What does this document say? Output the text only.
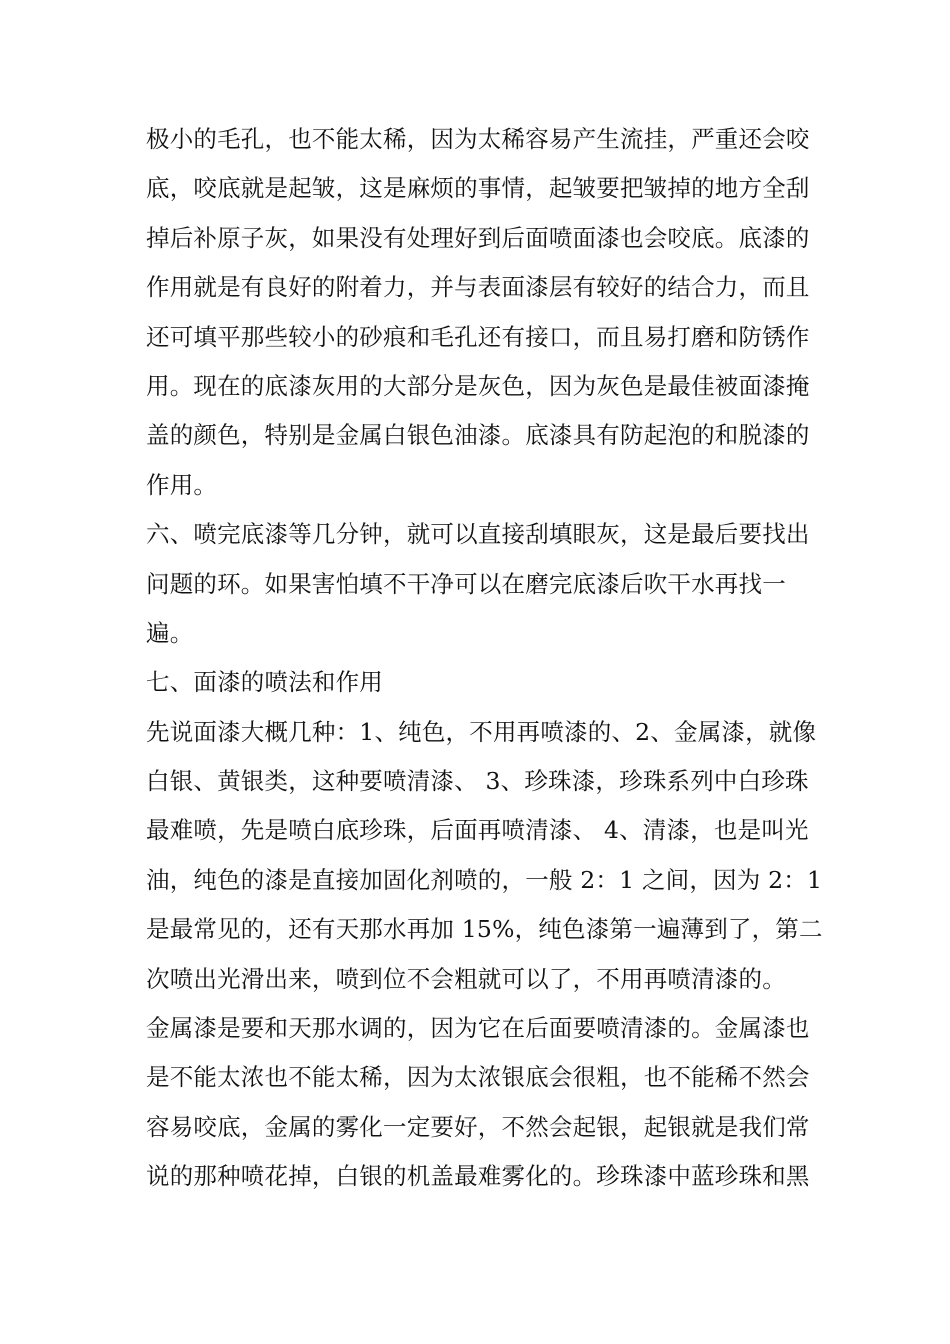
极小的毛孔，也不能太稀，因为太稀容易产生流挂，严重还会咬
底，咬底就是起皱，这是麻烦的事情，起皱要把皱掉的地方全刮
掉后补原子灰，如果没有处理好到后面喷面漆也会咬底。底漆的
作用就是有良好的附着力，并与表面漆层有较好的结合力，而且
还可填平那些较小的砂痕和毛孔还有接口，而且易打磨和防锈作
用。现在的底漆灰用的大部分是灰色，因为灰色是最佳被面漆掩
盖的颜色，特别是金属白银色油漆。底漆具有防起泡的和脱漆的
作用。
六、喷完底漆等几分钟，就可以直接刮填眼灰，这是最后要找出
问题的环。如果害怕填不干净可以在磨完底漆后吹干水再找一
遍。
七、面漆的喷法和作用
先说面漆大概几种：1、纯色，不用再喷漆的、2、金属漆，就像
白银、黄银类，这种要喷清漆、 3、珍珠漆，珍珠系列中白珍珠
最难喷，先是喷白底珍珠，后面再喷清漆、 4、清漆，也是叫光
油，纯色的漆是直接加固化剂喷的，一般 2：1 之间，因为 2：1
是最常见的，还有天那水再加 15%，纯色漆第一遍薄到了，第二
次喷出光滑出来，喷到位不会粗就可以了，不用再喷清漆的。
金属漆是要和天那水调的，因为它在后面要喷清漆的。金属漆也
是不能太浓也不能太稀，因为太浓银底会很粗，也不能稀不然会
容易咬底，金属的雾化一定要好，不然会起银，起银就是我们常
说的那种喷花掉，白银的机盖最难雾化的。珍珠漆中蓝珍珠和黑
